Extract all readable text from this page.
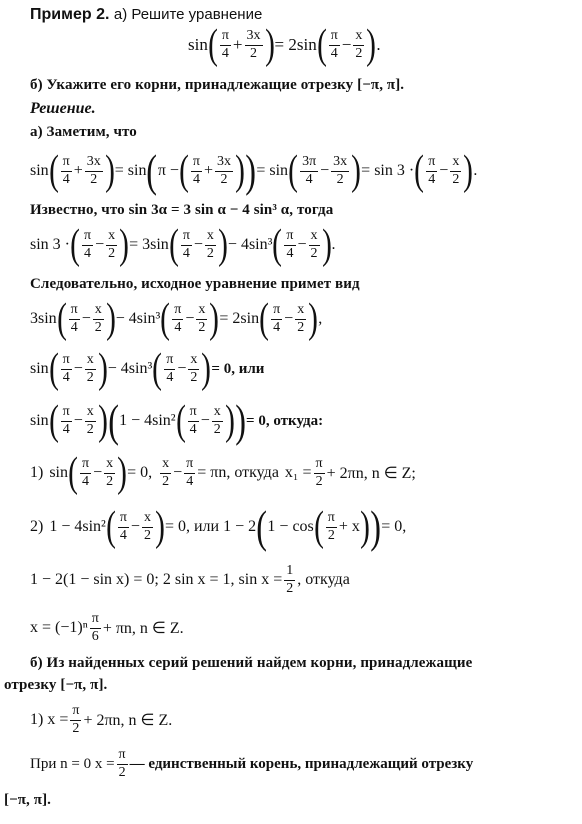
Пример 2. а) Решите уравнение
sin ( $\frac{\pi}{4} + \frac{3x}{2}$ ) = 2sin ( $\frac{\pi}{4} - \frac{x}{2}$ ) .
б) Укажите его корни, принадлежащие отрезку [−π, π].
Решение.
а) Заметим, что
sin ( $\frac{\pi}{4} + \frac{3x}{2}$ ) = sin ( π − ( $\frac{\pi}{4} + \frac{3x}{2}$ ) ) = sin ( $\frac{3\pi}{4} - \frac{3x}{2}$ ) = sin 3 · ( $\frac{\pi}{4} - \frac{x}{2}$ ) .
Известно, что sin 3α = 3 sin α − 4 sin³ α, тогда
sin 3 · ( $\frac{\pi}{4} - \frac{x}{2}$ ) = 3sin ( $\frac{\pi}{4} - \frac{x}{2}$ ) − 4sin³ ( $\frac{\pi}{4} - \frac{x}{2}$ ) .
Следовательно, исходное уравнение примет вид
3sin ( $\frac{\pi}{4} - \frac{x}{2}$ ) − 4sin³ ( $\frac{\pi}{4} - \frac{x}{2}$ ) = 2sin ( $\frac{\pi}{4} - \frac{x}{2}$ ) ,
sin ( $\frac{\pi}{4} - \frac{x}{2}$ ) − 4sin³ ( $\frac{\pi}{4} - \frac{x}{2}$ ) = 0, или
sin ( $\frac{\pi}{4} - \frac{x}{2}$ ) ( 1 − 4sin² ( $\frac{\pi}{4} - \frac{x}{2}$ ) ) = 0, откуда:
1) sin ( $\frac{\pi}{4} - \frac{x}{2}$ ) = 0, $\frac{x}{2} - \frac{\pi}{4} = \pi n$, откуда $x_1 = \frac{\pi}{2} + 2\pi n$, n ∈ Z;
2) 1 − 4sin² ( $\frac{\pi}{4} - \frac{x}{2}$ ) = 0, или 1 − 2 ( 1 − cos ( $\frac{\pi}{2} + x$ ) ) = 0,
1 − 2(1 − sin x) = 0; 2 sin x = 1, $\sin x = \frac{1}{2}$ , откуда
$x = (-1)^n \frac{\pi}{6} + \pi n$, n ∈ Z.
б) Из найденных серий решений найдем корни, принадлежащие
отрезку [−π, π].
1) $x = \frac{\pi}{2} + 2\pi n$, n ∈ Z.
При n = 0 $x = \frac{\pi}{2}$ — единственный корень, принадлежащий отрезку
[−π, π].
